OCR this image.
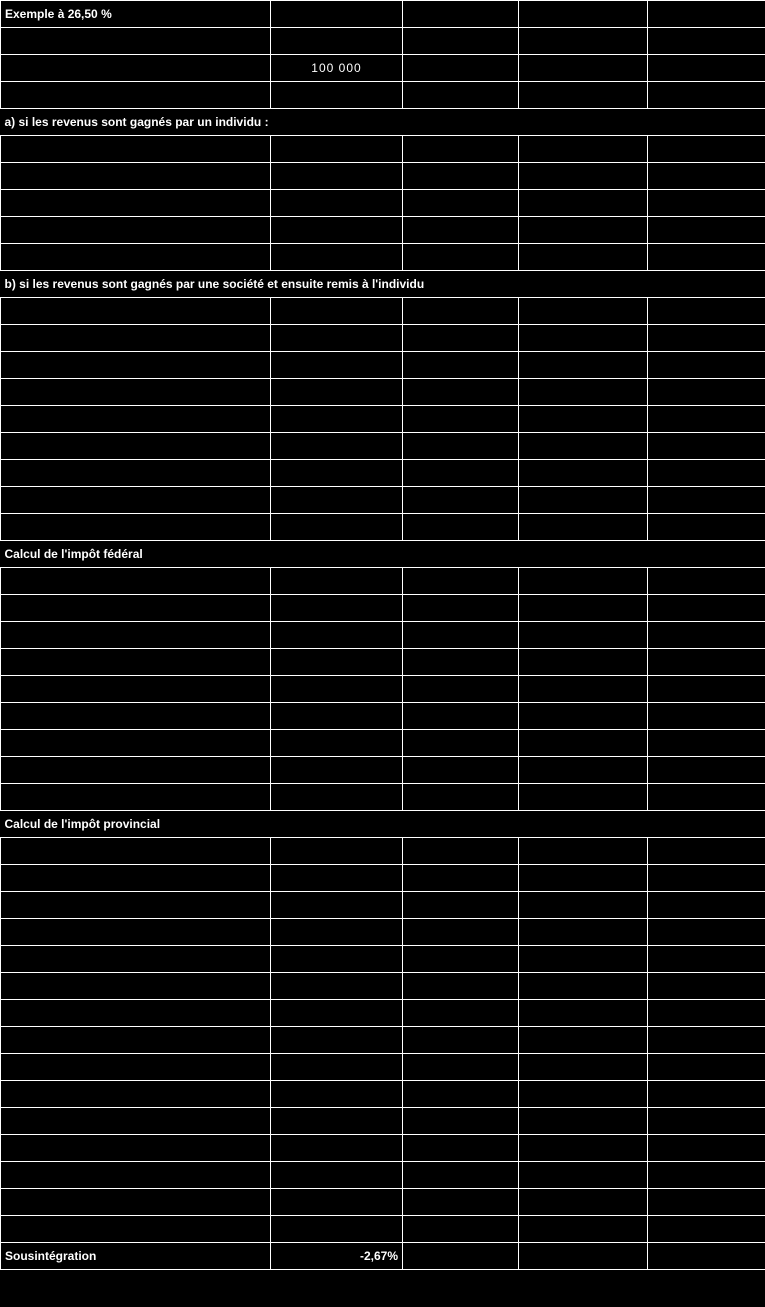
Exemple à 26,50 %				

	100 000			

a) si les revenus sont gagnés par un individu :				

b) si les revenus sont gagnés par une société et ensuite remis à l'individu				

Calcul de l'impôt fédéral				

Calcul de l'impôt provincial				

Sousintégration	-2,67%			
